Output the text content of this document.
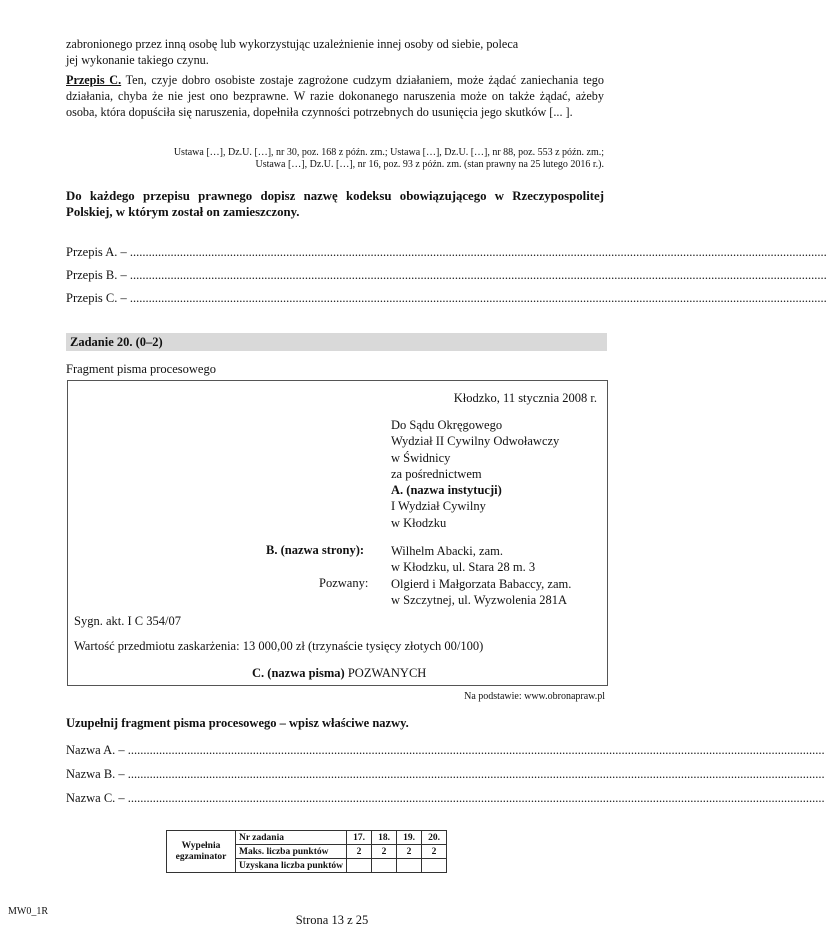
zabronionego przez inną osobę lub wykorzystując uzależnienie innej osoby od siebie, poleca
jej wykonanie takiego czynu.
Przepis C. Ten, czyje dobro osobiste zostaje zagrożone cudzym działaniem, może żądać zaniechania tego działania, chyba że nie jest ono bezprawne. W razie dokonanego naruszenia może on także żądać, ażeby osoba, która dopuściła się naruszenia, dopełniła czynności potrzebnych do usunięcia jego skutków [... ].
Ustawa […], Dz.U. […], nr 30, poz. 168 z późn. zm.; Ustawa […], Dz.U. […], nr 88, poz. 553 z późn. zm.;
Ustawa […], Dz.U. […], nr 16, poz. 93 z późn. zm. (stan prawny na 25 lutego 2016 r.).
Do każdego przepisu prawnego dopisz nazwę kodeksu obowiązującego w Rzeczypospolitej Polskiej, w którym został on zamieszczony.
Przepis A. – ...............................................................................................................................................................................................................................
Przepis B. – ...............................................................................................................................................................................................................................
Przepis C. – ...............................................................................................................................................................................................................................
Zadanie 20. (0–2)
Fragment pisma procesowego
Kłodzko, 11 stycznia 2008 r.
Do Sądu Okręgowego
Wydział II Cywilny Odwoławczy
w Świdnicy
za pośrednictwem
A. (nazwa instytucji)
I Wydział Cywilny
w Kłodzku
B. (nazwa strony): Wilhelm Abacki, zam.
w Kłodzku, ul. Stara 28 m. 3
Pozwany: Olgierd i Małgorzata Babaccy, zam.
w Szczytnej, ul. Wyzwolenia 281A
Sygn. akt. I C 354/07
Wartość przedmiotu zaskarżenia: 13 000,00 zł (trzynaście tysięcy złotych 00/100)
C. (nazwa pisma) POZWANYCH
Na podstawie: www.obronapraw.pl
Uzupełnij fragment pisma procesowego – wpisz właściwe nazwy.
Nazwa A. – ...............................................................................................................................................................................................................................
Nazwa B. – ...............................................................................................................................................................................................................................
Nazwa C. – ...............................................................................................................................................................................................................................
Wypełnia egzaminator	Nr zadania	17.	18.	19.	20.
	Maks. liczba punktów	2	2	2	2
	Uzyskana liczba punktów				
MW0_1R
Strona 13 z 25
